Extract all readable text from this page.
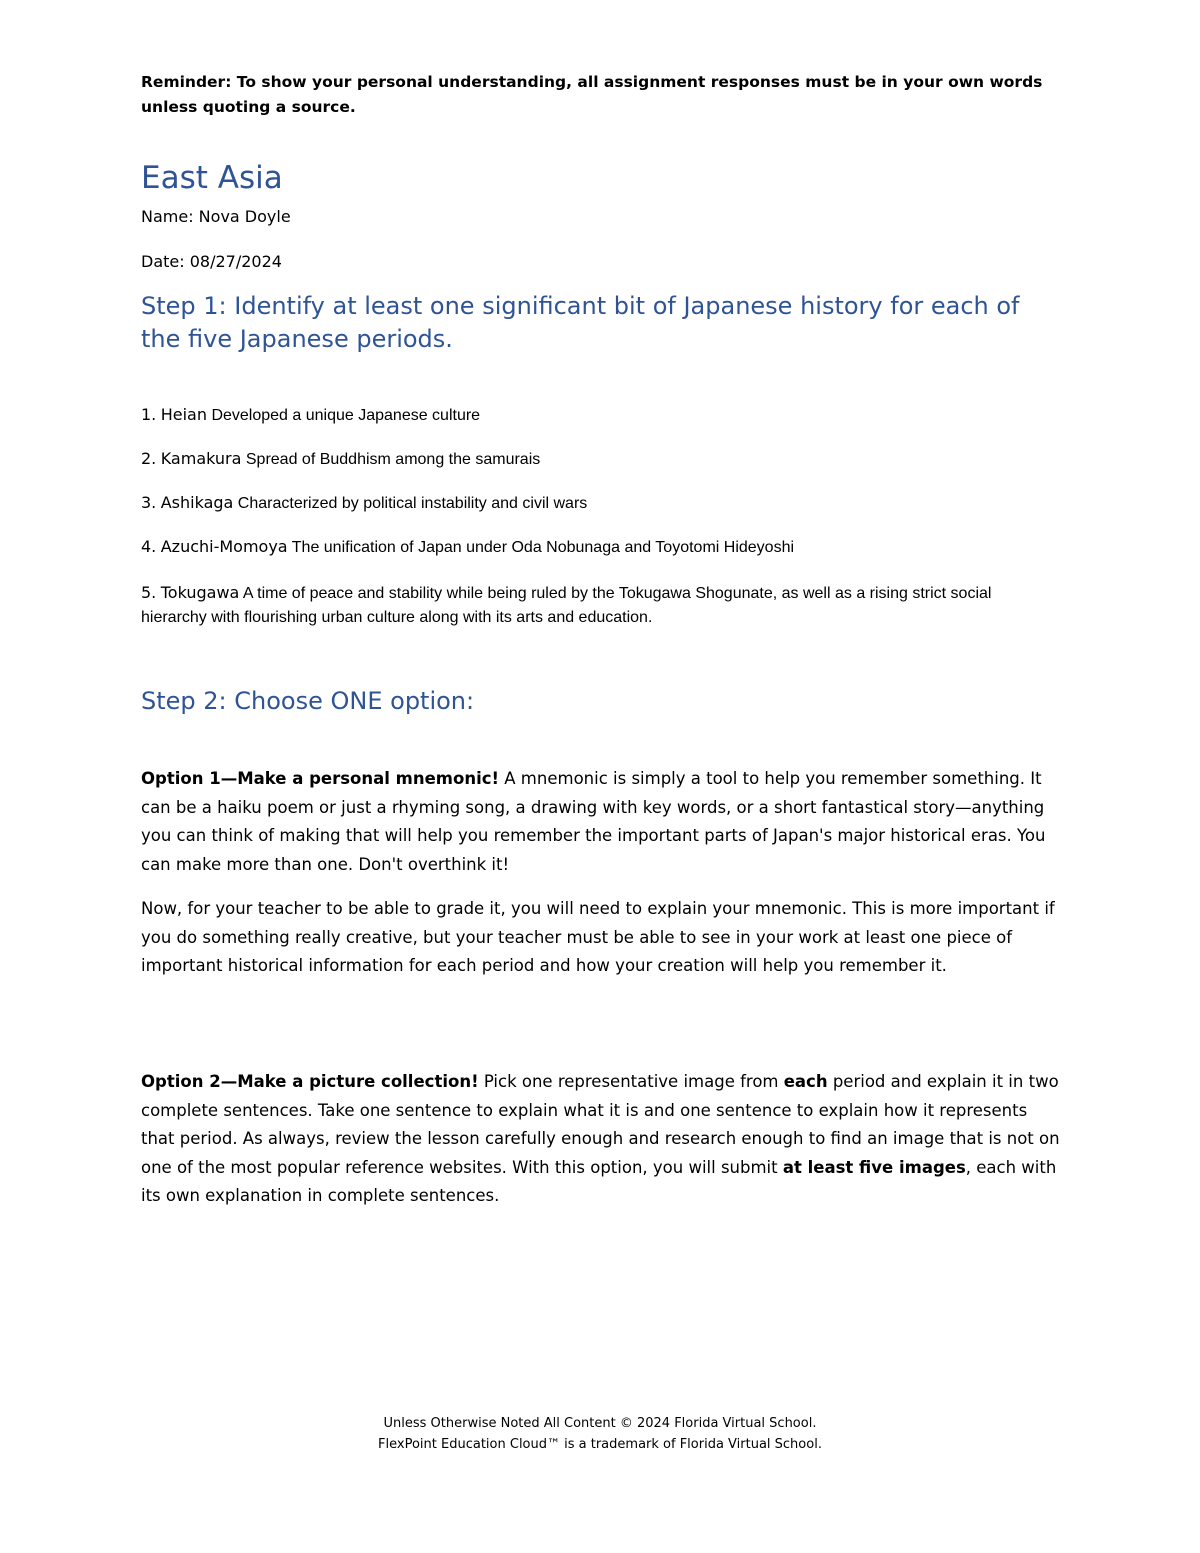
Reminder: To show your personal understanding, all assignment responses must be in your own words unless quoting a source.
East Asia
Name: Nova Doyle
Date: 08/27/2024
Step 1: Identify at least one significant bit of Japanese history for each of the five Japanese periods.
1. Heian Developed a unique Japanese culture
2. Kamakura Spread of Buddhism among the samurais
3. Ashikaga Characterized by political instability and civil wars
4. Azuchi-Momoya The unification of Japan under Oda Nobunaga and Toyotomi Hideyoshi
5. Tokugawa A time of peace and stability while being ruled by the Tokugawa Shogunate, as well as a rising strict social hierarchy with flourishing urban culture along with its arts and education.
Step 2: Choose ONE option:

Option 1—Make a personal mnemonic! A mnemonic is simply a tool to help you remember something. It can be a haiku poem or just a rhyming song, a drawing with key words, or a short fantastical story—anything you can think of making that will help you remember the important parts of Japan's major historical eras. You can make more than one. Don't overthink it!

Now, for your teacher to be able to grade it, you will need to explain your mnemonic. This is more important if you do something really creative, but your teacher must be able to see in your work at least one piece of important historical information for each period and how your creation will help you remember it.

Option 2—Make a picture collection! Pick one representative image from each period and explain it in two complete sentences. Take one sentence to explain what it is and one sentence to explain how it represents that period. As always, review the lesson carefully enough and research enough to find an image that is not on one of the most popular reference websites. With this option, you will submit at least five images, each with its own explanation in complete sentences.

Unless Otherwise Noted All Content © 2024 Florida Virtual School.
FlexPoint Education Cloud™ is a trademark of Florida Virtual School.
